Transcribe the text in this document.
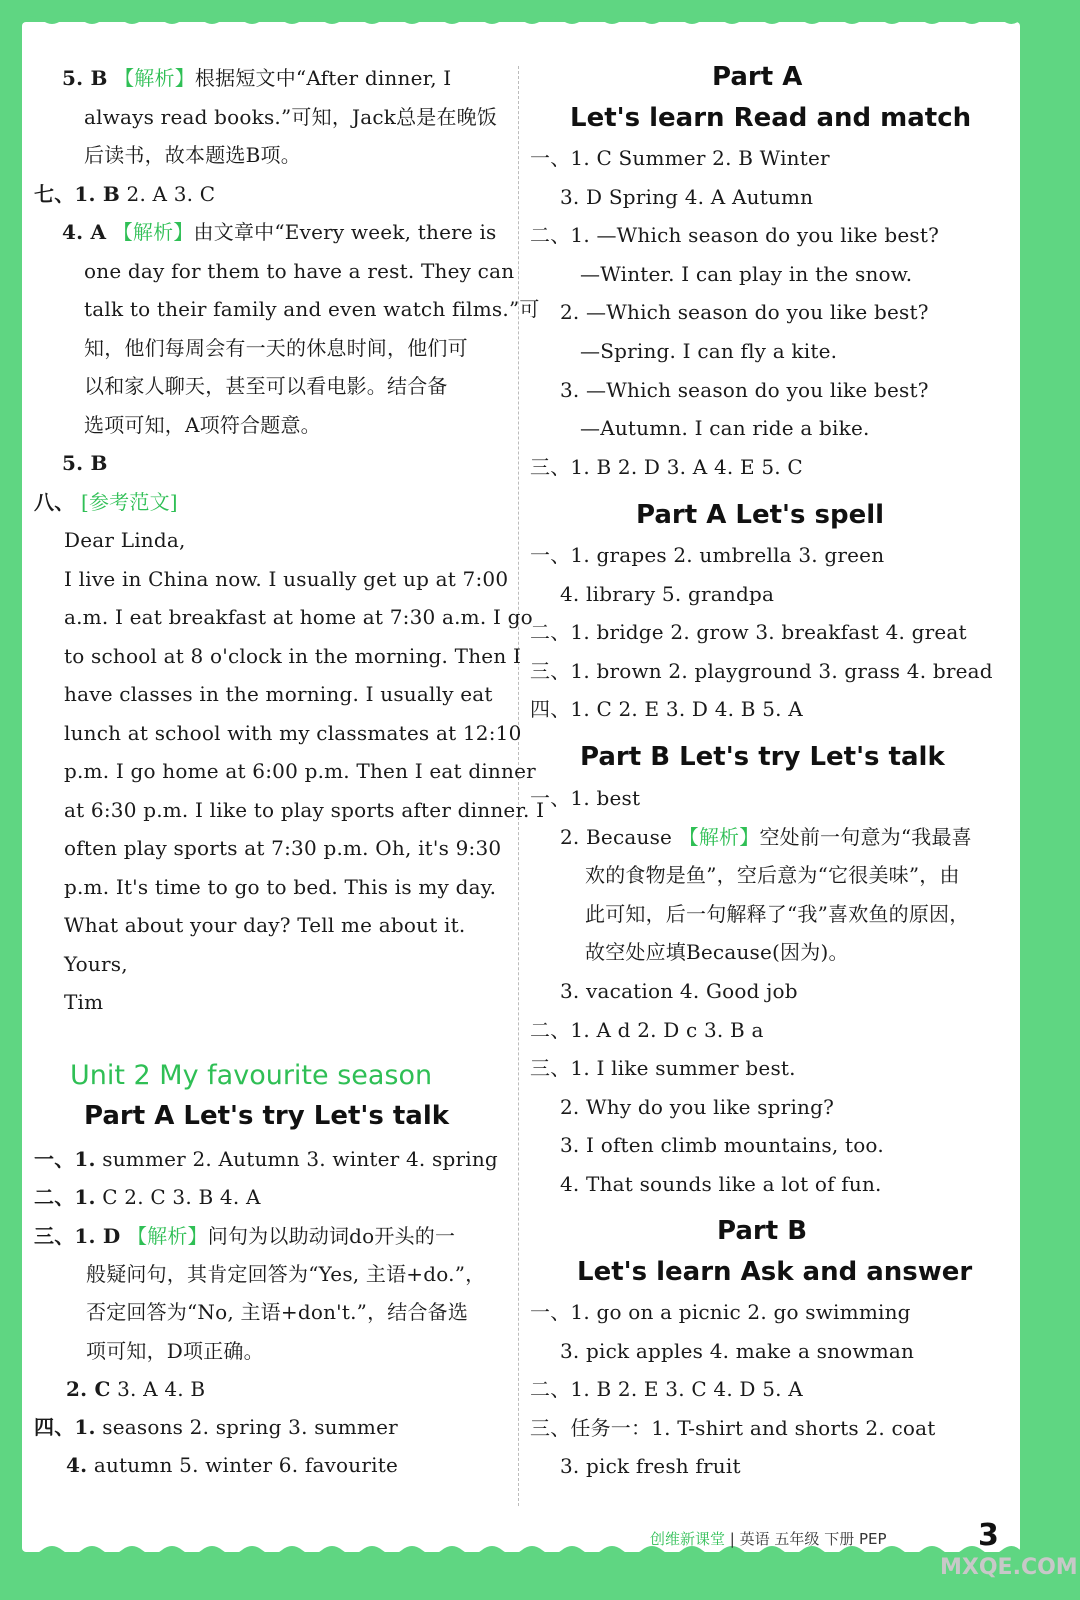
5. B 【解析】根据短文中“After dinner, I
always read books.”可知，Jack总是在晚饭
后读书，故本题选B项。
七、1. B 2. A 3. C
4. A 【解析】由文章中“Every week, there is
one day for them to have a rest. They can
talk to their family and even watch films.”可
知，他们每周会有一天的休息时间，他们可
以和家人聊天，甚至可以看电影。结合备
选项可知，A项符合题意。
5. B
八、 [参考范文]
Dear Linda,
I live in China now. I usually get up at 7:00
a.m. I eat breakfast at home at 7:30 a.m. I go
to school at 8 o'clock in the morning. Then I
have classes in the morning. I usually eat
lunch at school with my classmates at 12:10
p.m. I go home at 6:00 p.m. Then I eat dinner
at 6:30 p.m. I like to play sports after dinner. I
often play sports at 7:30 p.m. Oh, it's 9:30
p.m. It's time to go to bed. This is my day.
What about your day? Tell me about it.
Yours,
Tim
Unit 2 My favourite season
Part A Let's try Let's talk
一、1. summer 2. Autumn 3. winter 4. spring
二、1. C 2. C 3. B 4. A
三、1. D 【解析】问句为以助动词do开头的一
般疑问句，其肯定回答为“Yes, 主语+do.”，
否定回答为“No, 主语+don't.”，结合备选
项可知，D项正确。
2. C 3. A 4. B
四、1. seasons 2. spring 3. summer
4. autumn 5. winter 6. favourite
Part A
Let's learn Read and match
一、1. C Summer 2. B Winter
3. D Spring 4. A Autumn
二、1. —Which season do you like best?
—Winter. I can play in the snow.
2. —Which season do you like best?
—Spring. I can fly a kite.
3. —Which season do you like best?
—Autumn. I can ride a bike.
三、1. B 2. D 3. A 4. E 5. C
Part A Let's spell
一、1. grapes 2. umbrella 3. green
4. library 5. grandpa
二、1. bridge 2. grow 3. breakfast 4. great
三、1. brown 2. playground 3. grass 4. bread
四、1. C 2. E 3. D 4. B 5. A
Part B Let's try Let's talk
一、1. best
2. Because 【解析】空处前一句意为“我最喜
欢的食物是鱼”，空后意为“它很美味”，由
此可知，后一句解释了“我”喜欢鱼的原因，
故空处应填Because(因为)。
3. vacation 4. Good job
二、1. A d 2. D c 3. B a
三、1. I like summer best.
2. Why do you like spring?
3. I often climb mountains, too.
4. That sounds like a lot of fun.
Part B
Let's learn Ask and answer
一、1. go on a picnic 2. go swimming
3. pick apples 4. make a snowman
二、1. B 2. E 3. C 4. D 5. A
三、任务一：1. T-shirt and shorts 2. coat
3. pick fresh fruit
创维新课堂 | 英语 五年级 下册 PEP	3
MXQE.COM
